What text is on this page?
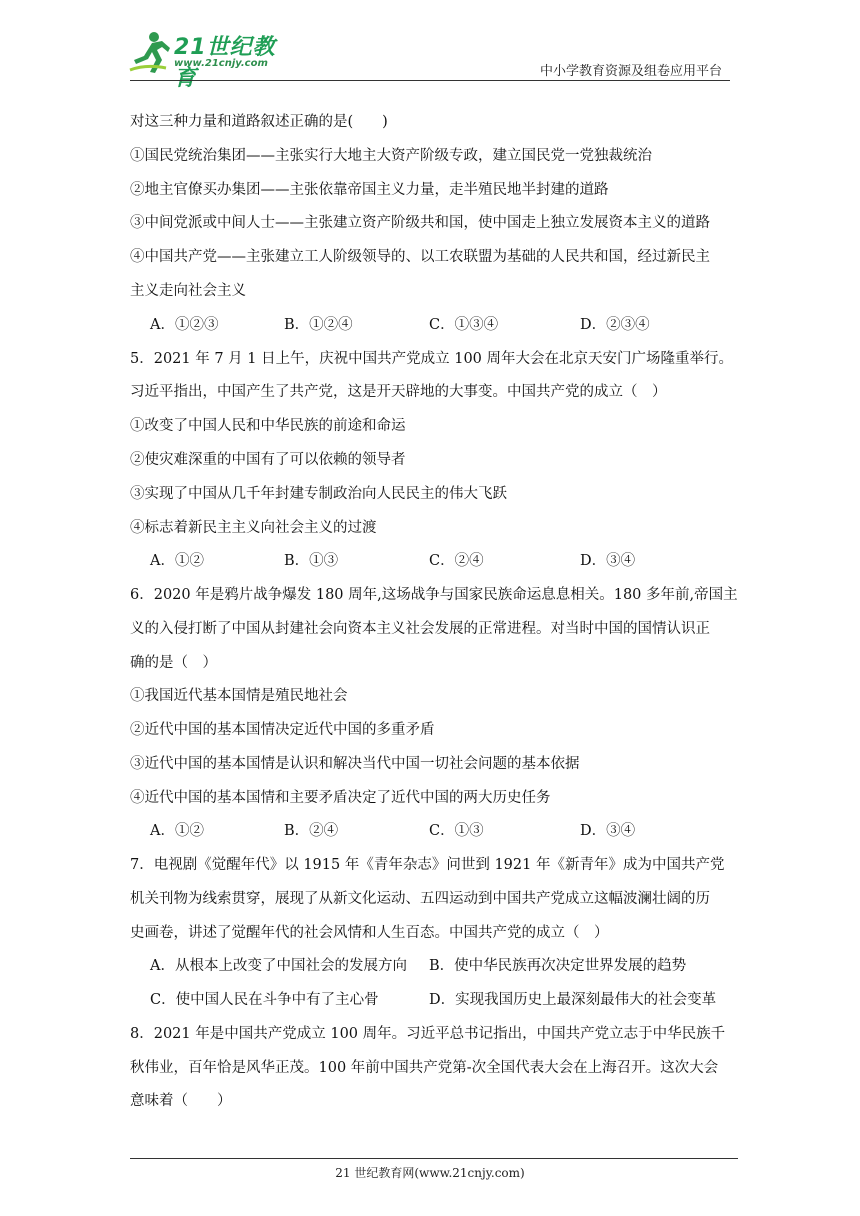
21世纪教育
www.21cnjy.com
中小学教育资源及组卷应用平台
对这三种力量和道路叙述正确的是(　　)
①国民党统治集团——主张实行大地主大资产阶级专政，建立国民党一党独裁统治
②地主官僚买办集团——主张依靠帝国主义力量，走半殖民地半封建的道路
③中间党派或中间人士——主张建立资产阶级共和国，使中国走上独立发展资本主义的道路
④中国共产党——主张建立工人阶级领导的、以工农联盟为基础的人民共和国，经过新民主
主义走向社会主义
A．①②③	B．①②④	C．①③④	D．②③④
5．2021 年 7 月 1 日上午，庆祝中国共产党成立 100 周年大会在北京天安门广场隆重举行。
习近平指出，中国产生了共产党，这是开天辟地的大事变。中国共产党的成立（　）
①改变了中国人民和中华民族的前途和命运
②使灾难深重的中国有了可以依赖的领导者
③实现了中国从几千年封建专制政治向人民民主的伟大飞跃
④标志着新民主主义向社会主义的过渡
A．①②	B．①③	C．②④	D．③④
6．2020 年是鸦片战争爆发 180 周年,这场战争与国家民族命运息息相关。180 多年前,帝国主
义的入侵打断了中国从封建社会向资本主义社会发展的正常进程。对当时中国的国情认识正
确的是（　）
①我国近代基本国情是殖民地社会
②近代中国的基本国情决定近代中国的多重矛盾
③近代中国的基本国情是认识和解决当代中国一切社会问题的基本依据
④近代中国的基本国情和主要矛盾决定了近代中国的两大历史任务
A．①②	B．②④	C．①③	D．③④
7．电视剧《觉醒年代》以 1915 年《青年杂志》问世到 1921 年《新青年》成为中国共产党
机关刊物为线索贯穿，展现了从新文化运动、五四运动到中国共产党成立这幅波澜壮阔的历
史画卷，讲述了觉醒年代的社会风情和人生百态。中国共产党的成立（　）
A．从根本上改变了中国社会的发展方向 B．使中华民族再次决定世界发展的趋势
C．使中国人民在斗争中有了主心骨	D．实现我国历史上最深刻最伟大的社会变革
8．2021 年是中国共产党成立 100 周年。习近平总书记指出，中国共产党立志于中华民族千
秋伟业，百年恰是风华正茂。100 年前中国共产党第-次全国代表大会在上海召开。这次大会
意味着（　　）
21 世纪教育网(www.21cnjy.com)
